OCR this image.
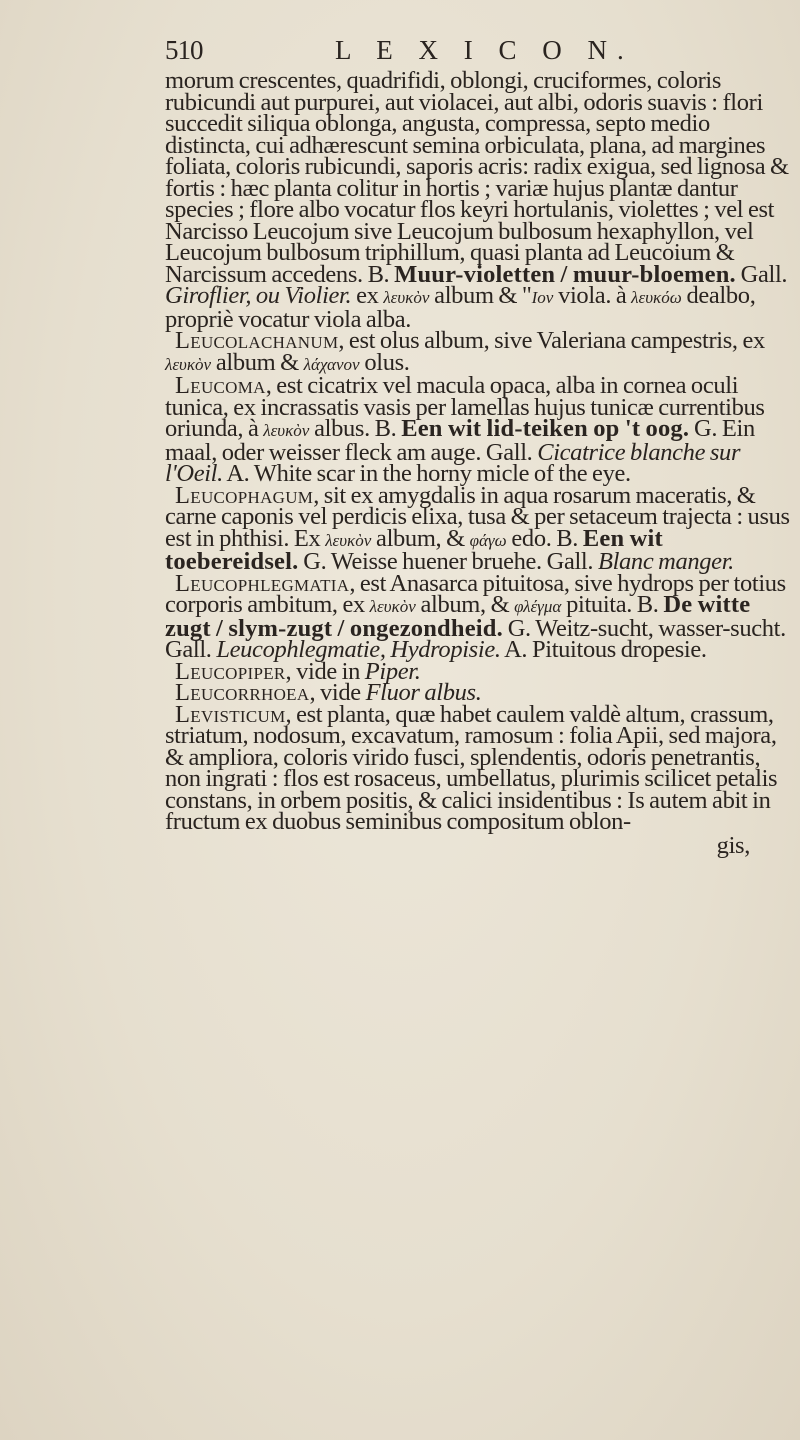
510	L E X I C O N.

morum crescentes, quadrifidi, oblongi, cruciformes, coloris rubicundi aut purpurei, aut violacei, aut albi, odoris suavis : flori succedit siliqua oblonga, angusta, compressa, septo medio distincta, cui adhærescunt semina orbiculata, plana, ad margines foliata, coloris rubicundi, saporis acris: radix exigua, sed lignosa & fortis : hæc planta colitur in hortis ; variæ hujus plantæ dantur species ; flore albo vocatur flos keyri hortulanis, violettes ; vel est Narcisso Leucojum sive Leucojum bulbosum hexaphyllon, vel Leucojum bulbosum triphillum, quasi planta ad Leucoium & Narcissum accedens. B. Muur-violetten / muur-bloemen. Gall. Giroflier, ou Violier. ex λευκὸν album & "Ιον viola. à λευκόω dealbo, propriè vocatur viola alba.

Leucolachanum, est olus album, sive Valeriana campestris, ex λευκὸν album & λάχανον olus.

Leucoma, est cicatrix vel macula opaca, alba in cornea oculi tunica, ex incrassatis vasis per lamellas hujus tunicæ currentibus oriunda, à λευκὸν albus. B. Een wit lid-teiken op 't oog. G. Ein maal, oder weisser fleck am auge. Gall. Cicatrice blanche sur l'Oeil. A. White scar in the horny micle of the eye.

Leucophagum, sit ex amygdalis in aqua rosarum maceratis, & carne caponis vel perdicis elixa, tusa & per setaceum trajecta : usus est in phthisi. Ex λευκὸν album, & φάγω edo. B. Een wit toebereidsel. G. Weisse huener bruehe. Gall. Blanc manger.

Leucophlegmatia, est Anasarca pituitosa, sive hydrops per totius corporis ambitum, ex λευκὸν album, & φλέγμα pituita. B. De witte zugt / slym-zugt / ongezondheid. G. Weitz-sucht, wasser-sucht. Gall. Leucophlegmatie, Hydropisie. A. Pituitous dropesie.

Leucopiper, vide in Piper.

Leucorrhoea, vide Fluor albus.

Levisticum, est planta, quæ habet caulem valdè altum, crassum, striatum, nodosum, excavatum, ramosum : folia Apii, sed majora, & ampliora, coloris virido fusci, splendentis, odoris penetrantis, non ingrati : flos est rosaceus, umbellatus, plurimis scilicet petalis constans, in orbem positis, & calici insidentibus : Is autem abit in fructum ex duobus seminibus compositum oblon-

gis,
